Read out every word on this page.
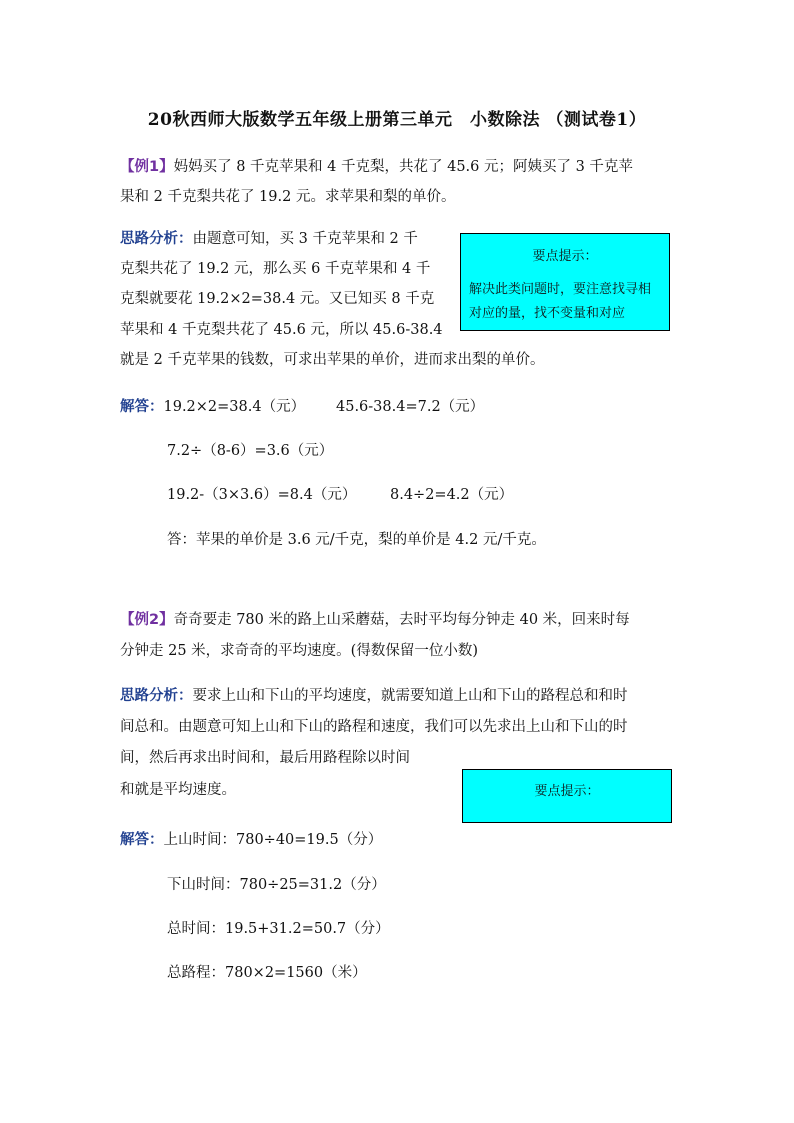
20秋西师大版数学五年级上册第三单元　小数除法 （测试卷1）
【例1】妈妈买了 8 千克苹果和 4 千克梨，共花了 45.6 元；阿姨买了 3 千克苹
果和 2 千克梨共花了 19.2 元。求苹果和梨的单价。
思路分析：由题意可知，买 3 千克苹果和 2 千
克梨共花了 19.2 元，那么买 6 千克苹果和 4 千
克梨就要花 19.2×2=38.4 元。又已知买 8 千克
苹果和 4 千克梨共花了 45.6 元，所以 45.6-38.4
就是 2 千克苹果的钱数，可求出苹果的单价，进而求出梨的单价。
要点提示：
解决此类问题时，要注意找寻相对应的量，找不变量和对应
解答：19.2×2=38.4（元） 45.6-38.4=7.2（元）
7.2÷（8-6）=3.6（元）
19.2-（3×3.6）=8.4（元） 8.4÷2=4.2（元）
答：苹果的单价是 3.6 元/千克，梨的单价是 4.2 元/千克。
【例2】奇奇要走 780 米的路上山采蘑菇，去时平均每分钟走 40 米，回来时每
分钟走 25 米，求奇奇的平均速度。(得数保留一位小数)
思路分析：要求上山和下山的平均速度，就需要知道上山和下山的路程总和和时
间总和。由题意可知上山和下山的路程和速度，我们可以先求出上山和下山的时
间，然后再求出时间和，最后用路程除以时间
和就是平均速度。	要点提示：
解答：上山时间：780÷40=19.5（分）
下山时间：780÷25=31.2（分）
总时间：19.5+31.2=50.7（分）
总路程：780×2=1560（米）
